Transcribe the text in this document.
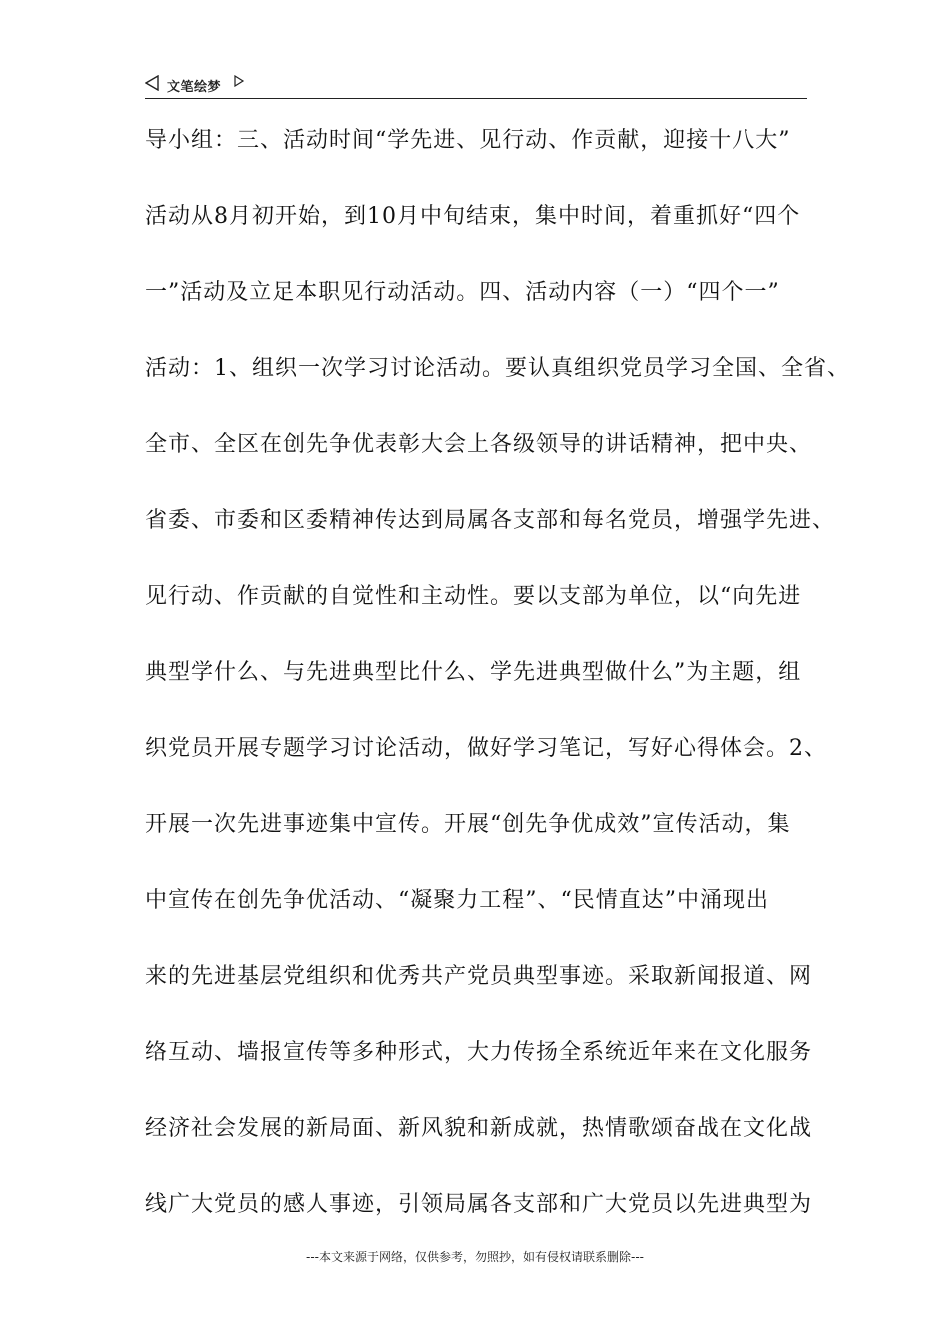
文笔绘梦
导小组：三、活动时间“学先进、见行动、作贡献，迎接十八大”
活动从8月初开始，到10月中旬结束，集中时间，着重抓好“四个
一”活动及立足本职见行动活动。四、活动内容（一）“四个一”
活动：1、组织一次学习讨论活动。要认真组织党员学习全国、全省、
全市、全区在创先争优表彰大会上各级领导的讲话精神，把中央、
省委、市委和区委精神传达到局属各支部和每名党员，增强学先进、
见行动、作贡献的自觉性和主动性。要以支部为单位，以“向先进
典型学什么、与先进典型比什么、学先进典型做什么”为主题，组
织党员开展专题学习讨论活动，做好学习笔记，写好心得体会。2、
开展一次先进事迹集中宣传。开展“创先争优成效”宣传活动，集
中宣传在创先争优活动、“凝聚力工程”、“民情直达”中涌现出
来的先进基层党组织和优秀共产党员典型事迹。采取新闻报道、网
络互动、墙报宣传等多种形式，大力传扬全系统近年来在文化服务
经济社会发展的新局面、新风貌和新成就，热情歌颂奋战在文化战
线广大党员的感人事迹，引领局属各支部和广大党员以先进典型为
---本文来源于网络，仅供参考，勿照抄，如有侵权请联系删除---
